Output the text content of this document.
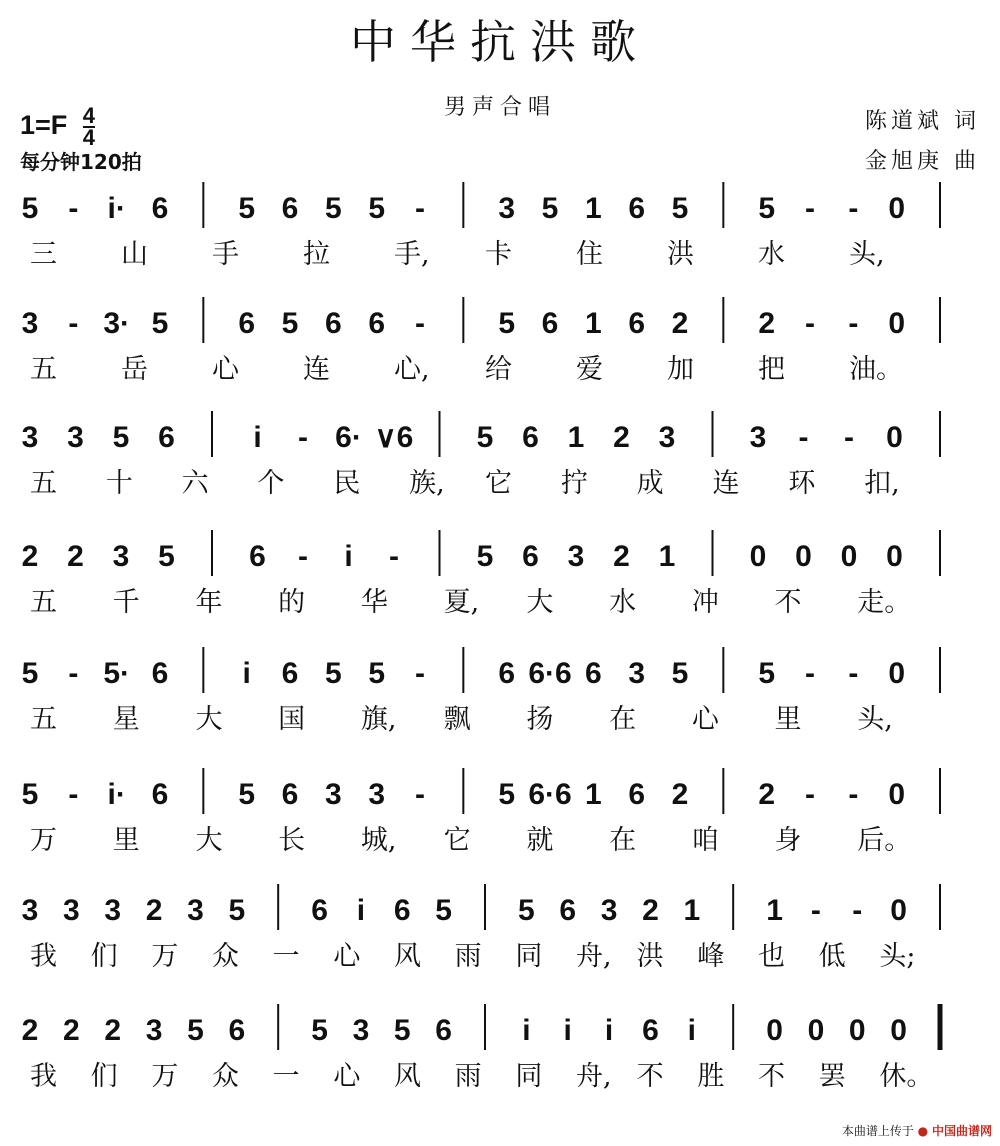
中华抗洪歌
男声合唱
$1=F \frac{4}{4}$
每分钟120拍
陈道斌 词
金旭庚 曲
5 - i· 6 5 6 5 5 - 3 5 1 6 5 5 - - 0
三 山 手 拉 手, 卡 住 洪 水 头,
3 - 3· 5 6 5 6 6 - 5 6 1 6 2 2 - - 0
五 岳 心 连 心, 给 爱 加 把 油。
3 3 5 6	i - 6· ∨6 5 6 1 2 3 3 - - 0
五 十 六 个 民 族, 它 拧 成 连 环 扣,
2 2 3 5 6 - i -	5 6 3 2 1 0 0 0 0
五 千 年 的 华 夏, 大 水 冲 不 走。
5 - 5· 6 i 6 5 5 - 6 6·6 6 3 5 5 - - 0
五 星 大 国 旗, 飘 扬 在 心 里 头,
5 - i· 6 5 6 3 3 - 5 6·6 1 6 2 2 - - 0
万 里 大 长 城, 它 就 在 咱 身 后。
3 3 3 2 3 5 6 i 6 5 5 6 3 2 1 1 - - 0
我 们 万 众 一 心 风 雨 同 舟, 洪 峰 也 低 头;
2 2 2 3 5 6 5 3 5 6 i i i 6 i 0 0 0 0
我 们 万 众 一 心 风 雨 同 舟, 不 胜 不 罢 休。
本曲谱上传于 ● 中国曲谱网
